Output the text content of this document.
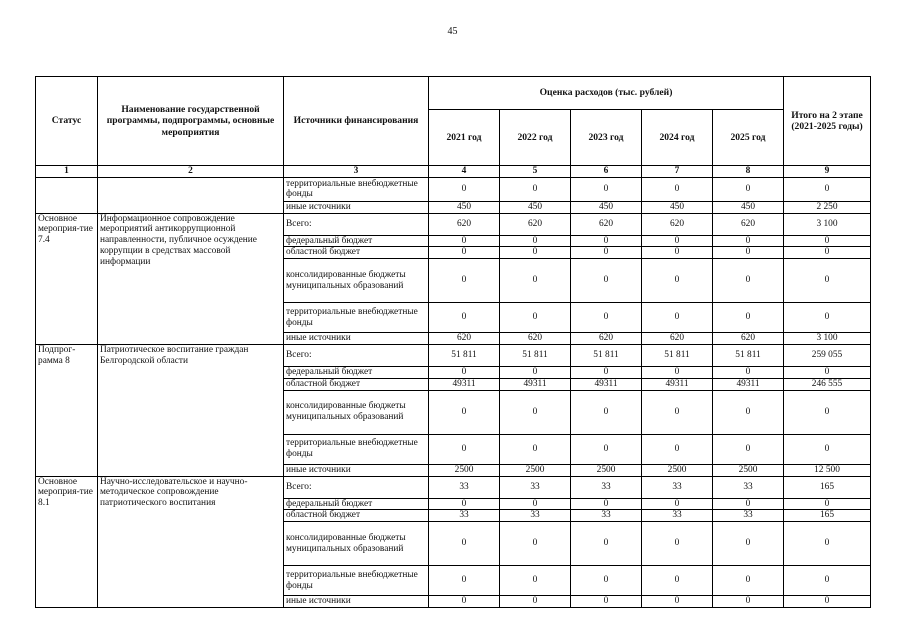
45
Статус	Наименование государственной программы, подпрограммы, основные мероприятия	Источники финансирования	Оценка расходов (тыс. рублей)					Итого на 2 этапе (2021-2025 годы)
			2021 год	2022 год	2023 год	2024 год	2025 год	
1	2	3	4	5	6	7	8	9
		территориальные внебюджетные фонды	0	0	0	0	0	0
		иные источники	450	450	450	450	450	2 250
Основное мероприя-тие 7.4	Информационное сопровождение мероприятий антикоррупционной направленности, публичное осуждение коррупции в средствах массовой информации	Всего:	620	620	620	620	620	3 100
		федеральный бюджет	0	0	0	0	0	0
		областной бюджет	0	0	0	0	0	0
		консолидированные бюджеты муниципальных образований	0	0	0	0	0	0
		территориальные внебюджетные фонды	0	0	0	0	0	0
		иные источники	620	620	620	620	620	3 100
Подпрог-рамма 8	Патриотическое воспитание граждан Белгородской области	Всего:	51 811	51 811	51 811	51 811	51 811	259 055
		федеральный бюджет	0	0	0	0	0	0
		областной бюджет	49311	49311	49311	49311	49311	246 555
		консолидированные бюджеты муниципальных образований	0	0	0	0	0	0
		территориальные внебюджетные фонды	0	0	0	0	0	0
		иные источники	2500	2500	2500	2500	2500	12 500
Основное мероприя-тие 8.1	Научно-исследовательское и научно-методическое сопровождение патриотического воспитания	Всего:	33	33	33	33	33	165
		федеральный бюджет	0	0	0	0	0	0
		областной бюджет	33	33	33	33	33	165
		консолидированные бюджеты муниципальных образований	0	0	0	0	0	0
		территориальные внебюджетные фонды	0	0	0	0	0	0
		иные источники	0	0	0	0	0	0
